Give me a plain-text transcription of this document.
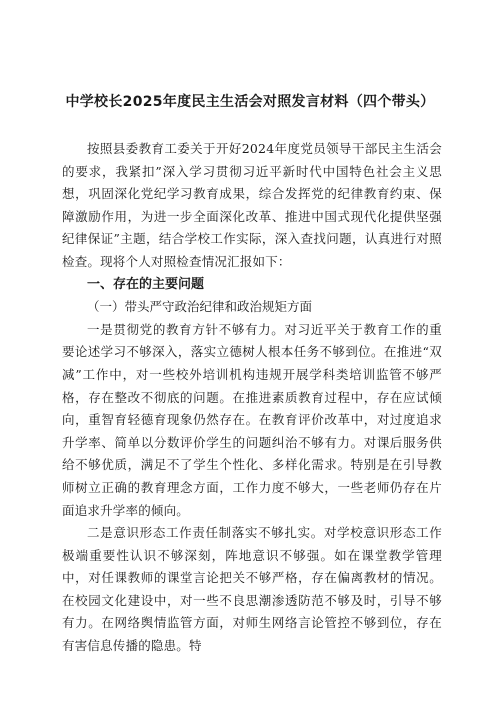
中学校长2025年度民主生活会对照发言材料（四个带头）

按照县委教育工委关于开好2024年度党员领导干部民主生活会的要求，我紧扣”深入学习贯彻习近平新时代中国特色社会主义思想，巩固深化党纪学习教育成果，综合发挥党的纪律教育约束、保障激励作用，为进一步全面深化改革、推进中国式现代化提供坚强纪律保证”主题，结合学校工作实际，深入查找问题，认真进行对照检查。现将个人对照检查情况汇报如下：

一、存在的主要问题

（一）带头严守政治纪律和政治规矩方面

一是贯彻党的教育方针不够有力。对习近平关于教育工作的重要论述学习不够深入，落实立德树人根本任务不够到位。在推进“双减”工作中，对一些校外培训机构违规开展学科类培训监管不够严格，存在整改不彻底的问题。在推进素质教育过程中，存在应试倾向，重智育轻德育现象仍然存在。在教育评价改革中，对过度追求升学率、简单以分数评价学生的问题纠治不够有力。对课后服务供给不够优质，满足不了学生个性化、多样化需求。特别是在引导教师树立正确的教育理念方面，工作力度不够大，一些老师仍存在片面追求升学率的倾向。

二是意识形态工作责任制落实不够扎实。对学校意识形态工作极端重要性认识不够深刻，阵地意识不够强。如在课堂教学管理中，对任课教师的课堂言论把关不够严格，存在偏离教材的情况。在校园文化建设中，对一些不良思潮渗透防范不够及时，引导不够有力。在网络舆情监管方面，对师生网络言论管控不够到位，存在有害信息传播的隐患。特
